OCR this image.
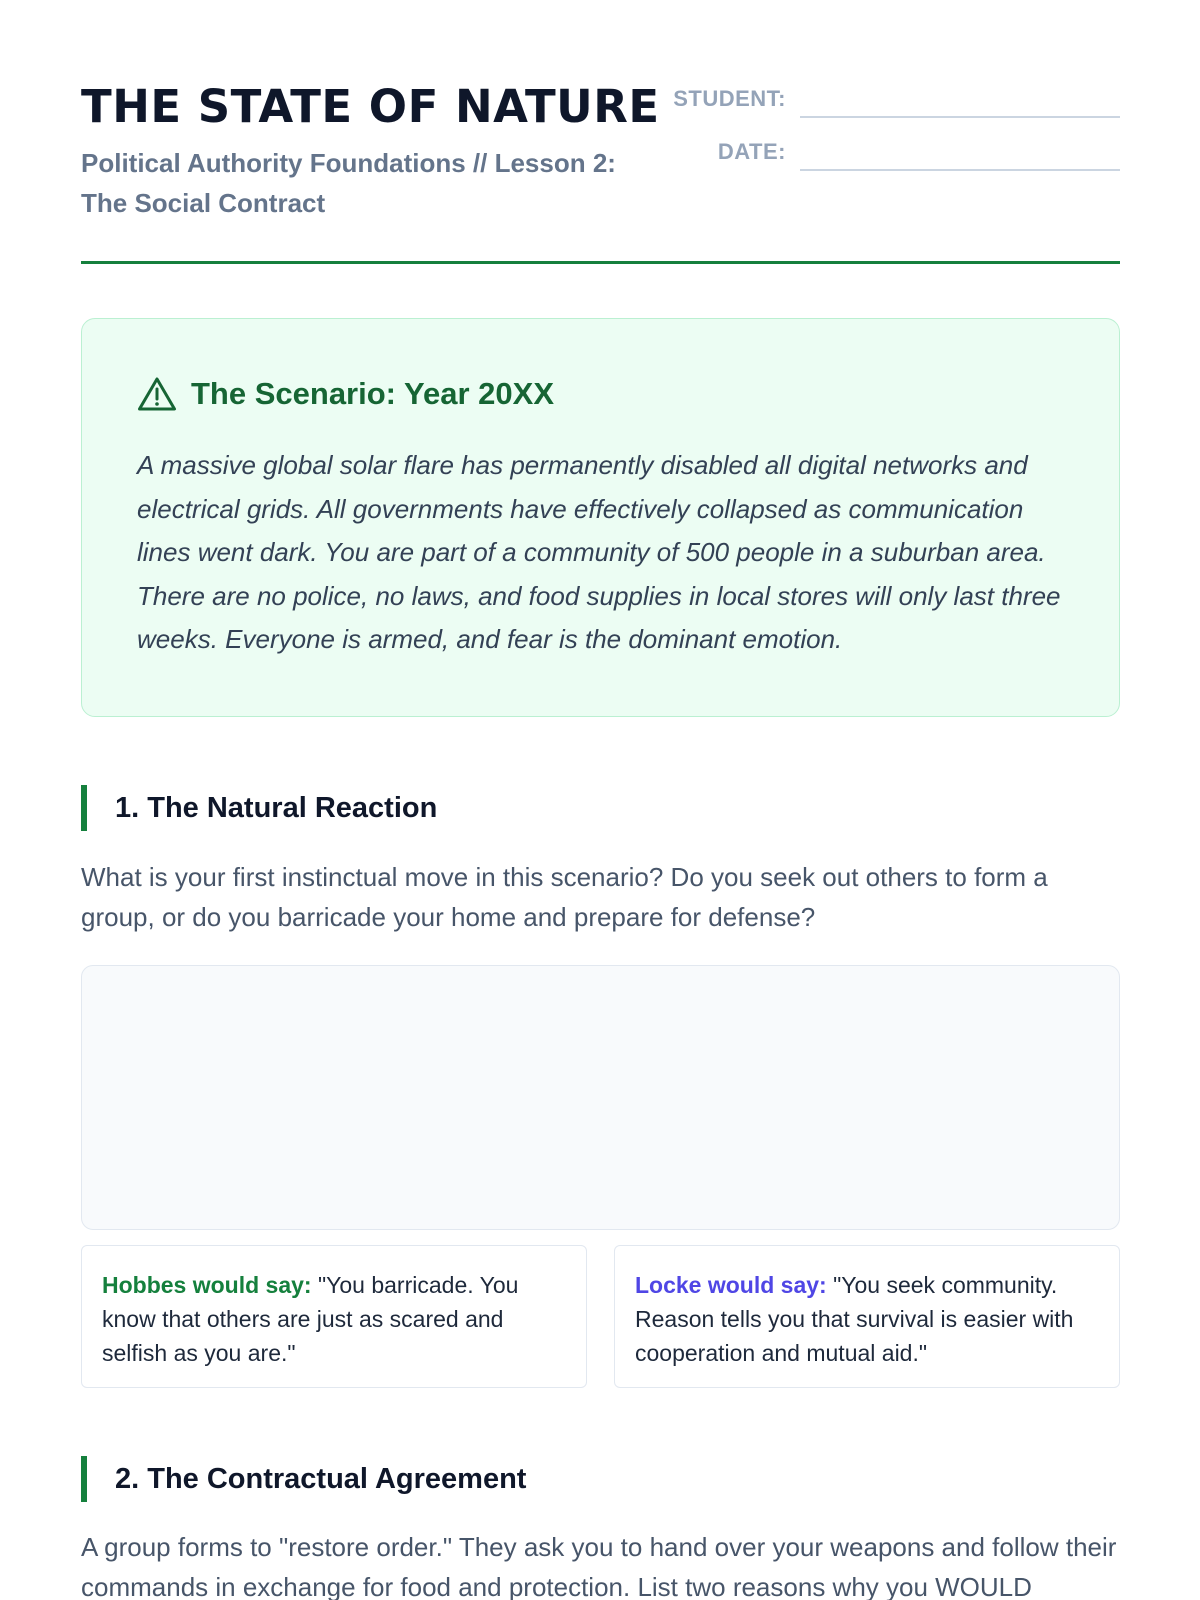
THE STATE OF NATURE
Political Authority Foundations // Lesson 2: The Social Contract
STUDENT:
DATE:
The Scenario: Year 20XX

A massive global solar flare has permanently disabled all digital networks and electrical grids. All governments have effectively collapsed as communication lines went dark. You are part of a community of 500 people in a suburban area. There are no police, no laws, and food supplies in local stores will only last three weeks. Everyone is armed, and fear is the dominant emotion.

1. The Natural Reaction

What is your first instinctual move in this scenario? Do you seek out others to form a group, or do you barricade your home and prepare for defense?

Hobbes would say: "You barricade. You know that others are just as scared and selfish as you are."
Locke would say: "You seek community. Reason tells you that survival is easier with cooperation and mutual aid."
2. The Contractual Agreement

A group forms to "restore order." They ask you to hand over your weapons and follow their commands in exchange for food and protection. List two reasons why you WOULD
